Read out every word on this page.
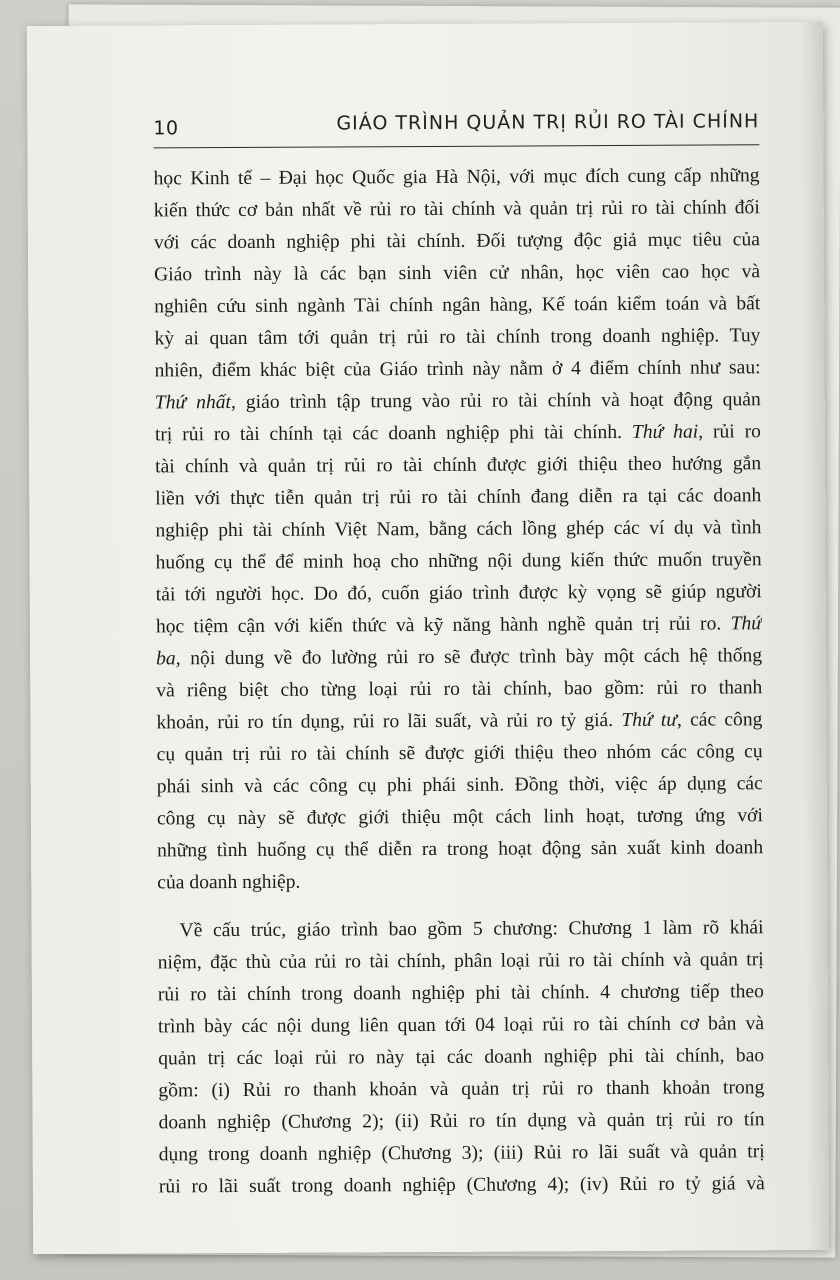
10	GIÁO TRÌNH QUẢN TRỊ RỦI RO TÀI CHÍNH
học Kinh tế – Đại học Quốc gia Hà Nội, với mục đích cung cấp những
kiến thức cơ bản nhất về rủi ro tài chính và quản trị rủi ro tài chính đối
với các doanh nghiệp phi tài chính. Đối tượng độc giả mục tiêu của
Giáo trình này là các bạn sinh viên cử nhân, học viên cao học và
nghiên cứu sinh ngành Tài chính ngân hàng, Kế toán kiểm toán và bất
kỳ ai quan tâm tới quản trị rủi ro tài chính trong doanh nghiệp. Tuy
nhiên, điểm khác biệt của Giáo trình này nằm ở 4 điểm chính như sau:
Thứ nhất, giáo trình tập trung vào rủi ro tài chính và hoạt động quản
trị rủi ro tài chính tại các doanh nghiệp phi tài chính. Thứ hai, rủi ro
tài chính và quản trị rủi ro tài chính được giới thiệu theo hướng gắn
liền với thực tiễn quản trị rủi ro tài chính đang diễn ra tại các doanh
nghiệp phi tài chính Việt Nam, bằng cách lồng ghép các ví dụ và tình
huống cụ thể để minh hoạ cho những nội dung kiến thức muốn truyền
tải tới người học. Do đó, cuốn giáo trình được kỳ vọng sẽ giúp người
học tiệm cận với kiến thức và kỹ năng hành nghề quản trị rủi ro. Thứ
ba, nội dung về đo lường rủi ro sẽ được trình bày một cách hệ thống
và riêng biệt cho từng loại rủi ro tài chính, bao gồm: rủi ro thanh
khoản, rủi ro tín dụng, rủi ro lãi suất, và rủi ro tỷ giá. Thứ tư, các công
cụ quản trị rủi ro tài chính sẽ được giới thiệu theo nhóm các công cụ
phái sinh và các công cụ phi phái sinh. Đồng thời, việc áp dụng các
công cụ này sẽ được giới thiệu một cách linh hoạt, tương ứng với
những tình huống cụ thể diễn ra trong hoạt động sản xuất kinh doanh
của doanh nghiệp.
Về cấu trúc, giáo trình bao gồm 5 chương: Chương 1 làm rõ khái
niệm, đặc thù của rủi ro tài chính, phân loại rủi ro tài chính và quản trị
rủi ro tài chính trong doanh nghiệp phi tài chính. 4 chương tiếp theo
trình bày các nội dung liên quan tới 04 loại rủi ro tài chính cơ bản và
quản trị các loại rủi ro này tại các doanh nghiệp phi tài chính, bao
gồm: (i) Rủi ro thanh khoản và quản trị rủi ro thanh khoản trong
doanh nghiệp (Chương 2); (ii) Rủi ro tín dụng và quản trị rủi ro tín
dụng trong doanh nghiệp (Chương 3); (iii) Rủi ro lãi suất và quản trị
rủi ro lãi suất trong doanh nghiệp (Chương 4); (iv) Rủi ro tỷ giá và
